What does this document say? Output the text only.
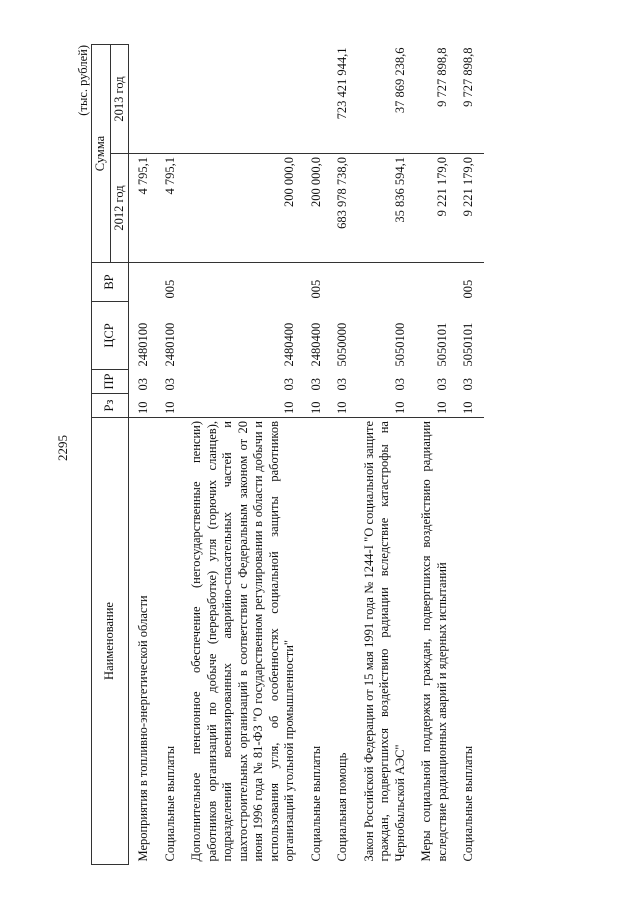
2295
(тыс. рублей)
Наименование	Рз	ПР	ЦСР	ВР	Сумма	
					2012 год	2013 год
Мероприятия в топливно-энергетической области	10	03	2480100		4 795,1	
Социальные выплаты	10	03	2480100	005	4 795,1	
Дополнительное пенсионное обеспечение (негосударственные пенсии) работников организаций по добыче (переработке) угля (горючих сланцев), подразделений военизированных аварийно-спасательных частей и шахтостроительных организаций в соответствии с Федеральным законом от 20 июня 1996 года № 81-ФЗ "О государственном регулировании в области добычи и использования угля, об особенностях социальной защиты работников организаций угольной промышленности"	10	03	2480400		200 000,0	
Социальные выплаты	10	03	2480400	005	200 000,0	
Социальная помощь	10	03	5050000		683 978 738,0	723 421 944,1
Закон Российской Федерации от 15 мая 1991 года № 1244-I "О социальной защите граждан, подвергшихся воздействию радиации вследствие катастрофы на Чернобыльской АЭС"	10	03	5050100		35 836 594,1	37 869 238,6
Меры социальной поддержки граждан, подвергшихся воздействию радиации вследствие радиационных аварий и ядерных испытаний	10	03	5050101		9 221 179,0	9 727 898,8
Социальные выплаты	10	03	5050101	005	9 221 179,0	9 727 898,8
